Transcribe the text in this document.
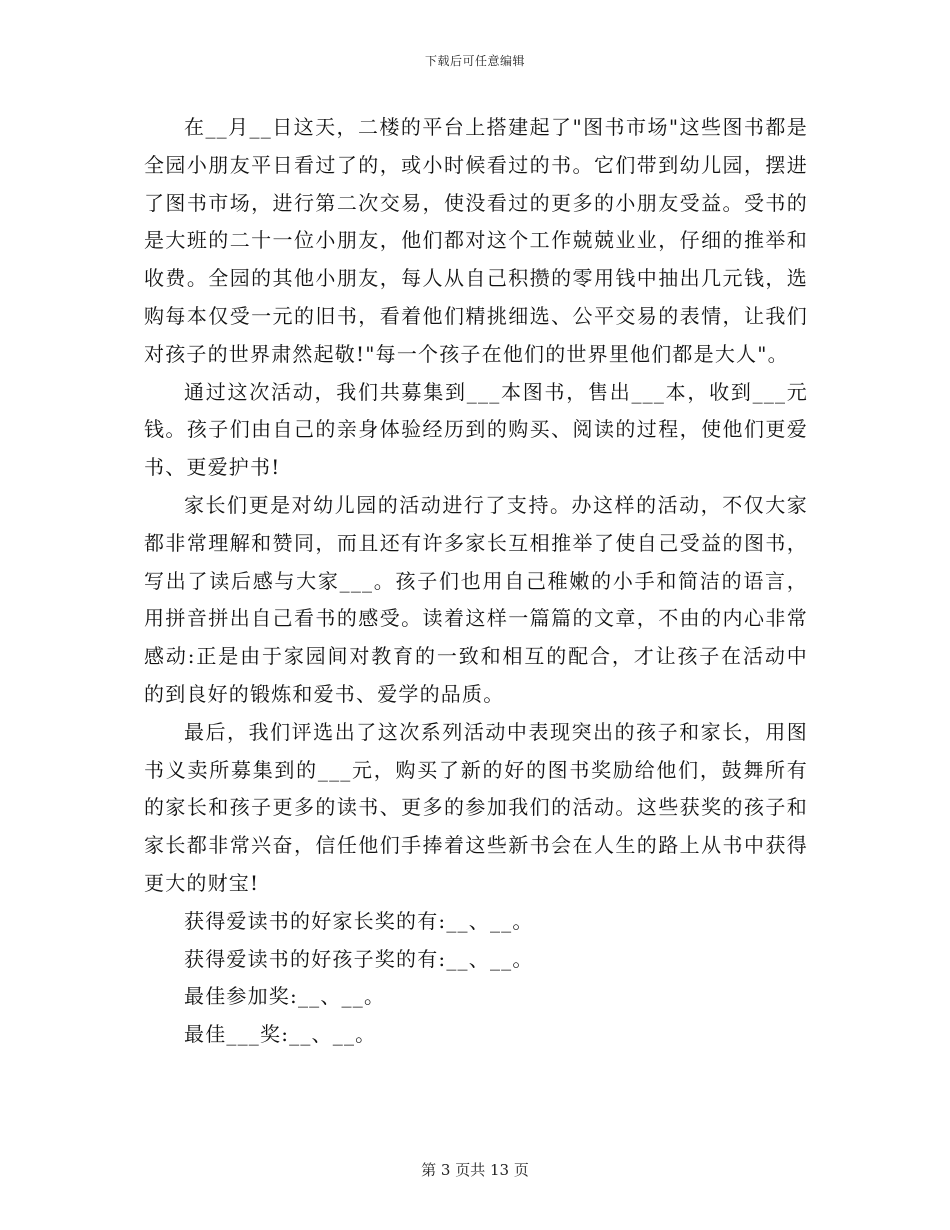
下载后可任意编辑

在__月__日这天，二楼的平台上搭建起了"图书市场"这些图书都是全园小朋友平日看过了的，或小时候看过的书。它们带到幼儿园，摆进了图书市场，进行第二次交易，使没看过的更多的小朋友受益。受书的是大班的二十一位小朋友，他们都对这个工作兢兢业业，仔细的推举和收费。全园的其他小朋友，每人从自己积攒的零用钱中抽出几元钱，选购每本仅受一元的旧书，看着他们精挑细选、公平交易的表情，让我们对孩子的世界肃然起敬!"每一个孩子在他们的世界里他们都是大人"。

通过这次活动，我们共募集到___本图书，售出___本，收到___元钱。孩子们由自己的亲身体验经历到的购买、阅读的过程，使他们更爱书、更爱护书!

家长们更是对幼儿园的活动进行了支持。办这样的活动，不仅大家都非常理解和赞同，而且还有许多家长互相推举了使自己受益的图书，写出了读后感与大家___。孩子们也用自己稚嫩的小手和简洁的语言，用拼音拼出自己看书的感受。读着这样一篇篇的文章，不由的内心非常感动:正是由于家园间对教育的一致和相互的配合，才让孩子在活动中的到良好的锻炼和爱书、爱学的品质。

最后，我们评选出了这次系列活动中表现突出的孩子和家长，用图书义卖所募集到的___元，购买了新的好的图书奖励给他们，鼓舞所有的家长和孩子更多的读书、更多的参加我们的活动。这些获奖的孩子和家长都非常兴奋，信任他们手捧着这些新书会在人生的路上从书中获得更大的财宝!

获得爱读书的好家长奖的有:__、__。

获得爱读书的好孩子奖的有:__、__。

最佳参加奖:__、__。

最佳___奖:__、__。

第 3 页共 13 页
